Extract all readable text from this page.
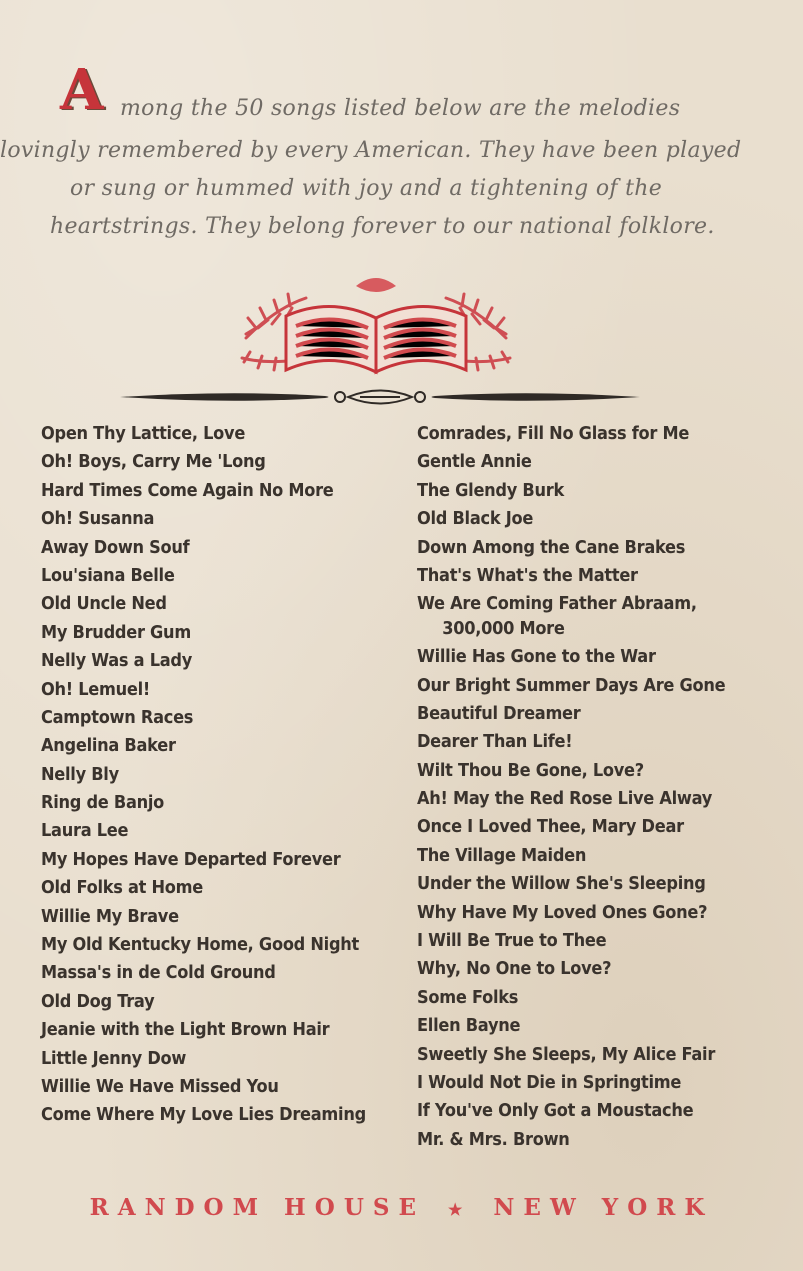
A mong the 50 songs listed below are the melodies
lovingly remembered by every American. They have been played
or sung or hummed with joy and a tightening of the
heartstrings. They belong forever to our national folklore.
Open Thy Lattice, Love
Oh! Boys, Carry Me 'Long
Hard Times Come Again No More
Oh! Susanna
Away Down Souf
Lou'siana Belle
Old Uncle Ned
My Brudder Gum
Nelly Was a Lady
Oh! Lemuel!
Camptown Races
Angelina Baker
Nelly Bly
Ring de Banjo
Laura Lee
My Hopes Have Departed Forever
Old Folks at Home
Willie My Brave
My Old Kentucky Home, Good Night
Massa's in de Cold Ground
Old Dog Tray
Jeanie with the Light Brown Hair
Little Jenny Dow
Willie We Have Missed You
Come Where My Love Lies Dreaming
Comrades, Fill No Glass for Me
Gentle Annie
The Glendy Burk
Old Black Joe
Down Among the Cane Brakes
That's What's the Matter
We Are Coming Father Abraam,
300,000 More
Willie Has Gone to the War
Our Bright Summer Days Are Gone
Beautiful Dreamer
Dearer Than Life!
Wilt Thou Be Gone, Love?
Ah! May the Red Rose Live Alway
Once I Loved Thee, Mary Dear
The Village Maiden
Under the Willow She's Sleeping
Why Have My Loved Ones Gone?
I Will Be True to Thee
Why, No One to Love?
Some Folks
Ellen Bayne
Sweetly She Sleeps, My Alice Fair
I Would Not Die in Springtime
If You've Only Got a Moustache
Mr. & Mrs. Brown
RANDOM HOUSE ★ NEW YORK
